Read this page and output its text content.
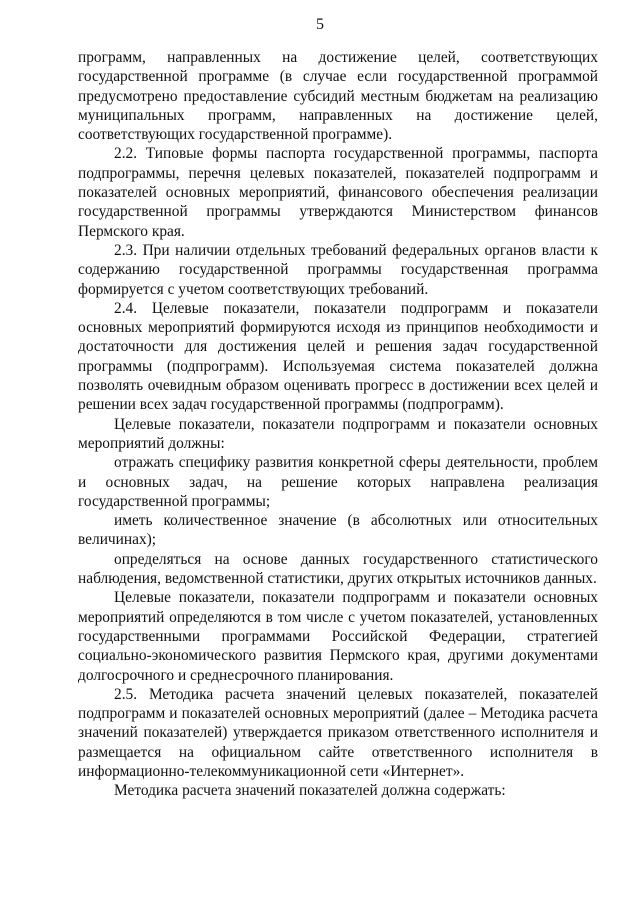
5

программ, направленных на достижение целей, соответствующих государственной программе (в случае если государственной программой предусмотрено предоставление субсидий местным бюджетам на реализацию муниципальных программ, направленных на достижение целей, соответствующих государственной программе).

2.2. Типовые формы паспорта государственной программы, паспорта подпрограммы, перечня целевых показателей, показателей подпрограмм и показателей основных мероприятий, финансового обеспечения реализации государственной программы утверждаются Министерством финансов Пермского края.

2.3. При наличии отдельных требований федеральных органов власти к содержанию государственной программы государственная программа формируется с учетом соответствующих требований.

2.4. Целевые показатели, показатели подпрограмм и показатели основных мероприятий формируются исходя из принципов необходимости и достаточности для достижения целей и решения задач государственной программы (подпрограмм). Используемая система показателей должна позволять очевидным образом оценивать прогресс в достижении всех целей и решении всех задач государственной программы (подпрограмм).

Целевые показатели, показатели подпрограмм и показатели основных мероприятий должны:

отражать специфику развития конкретной сферы деятельности, проблем и основных задач, на решение которых направлена реализация государственной программы;

иметь количественное значение (в абсолютных или относительных величинах);

определяться на основе данных государственного статистического наблюдения, ведомственной статистики, других открытых источников данных.

Целевые показатели, показатели подпрограмм и показатели основных мероприятий определяются в том числе с учетом показателей, установленных государственными программами Российской Федерации, стратегией социально-экономического развития Пермского края, другими документами долгосрочного и среднесрочного планирования.

2.5. Методика расчета значений целевых показателей, показателей подпрограмм и показателей основных мероприятий (далее – Методика расчета значений показателей) утверждается приказом ответственного исполнителя и размещается на официальном сайте ответственного исполнителя в информационно-телекоммуникационной сети «Интернет».

Методика расчета значений показателей должна содержать:
